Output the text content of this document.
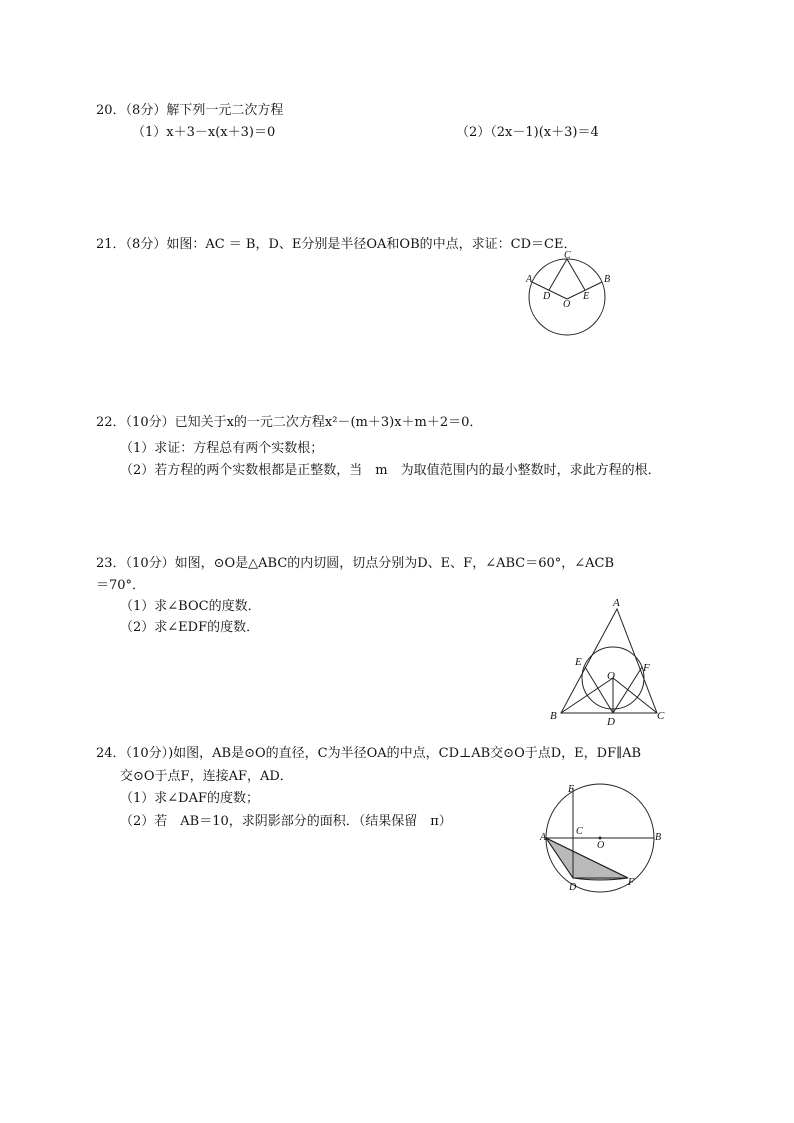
20．（8分）解下列一元二次方程
（1）x＋3－x(x＋3)＝0	（2）（2x－1)(x＋3)＝4
21．（8分）如图：AC ＝ B，D、E分别是半径OA和OB的中点，求证：CD＝CE．
C
A	B
D
O
E
22．（10分）已知关于x的一元二次方程x²－(m＋3)x＋m＋2＝0．
（1）求证：方程总有两个实数根；
（2）若方程的两个实数根都是正整数，当　m　为取值范围内的最小整数时，求此方程的根．
23．（10分）如图，⊙O是△ABC的内切圆，切点分别为D、E、F，∠ABC＝60°，∠ACB
＝70°．
（1）求∠BOC的度数．
（2）求∠EDF的度数．
A
E	F
O
B	D	C
24．（10分）)如图，AB是⊙O的直径，C为半径OA的中点，CD⊥AB交⊙O于点D，E，DF∥AB
交⊙O于点F，连接AF，AD．
（1）求∠DAF的度数；
（2）若　AB＝10，求阴影部分的面积．（结果保留　π）
E
C
A
O
B
D	F
